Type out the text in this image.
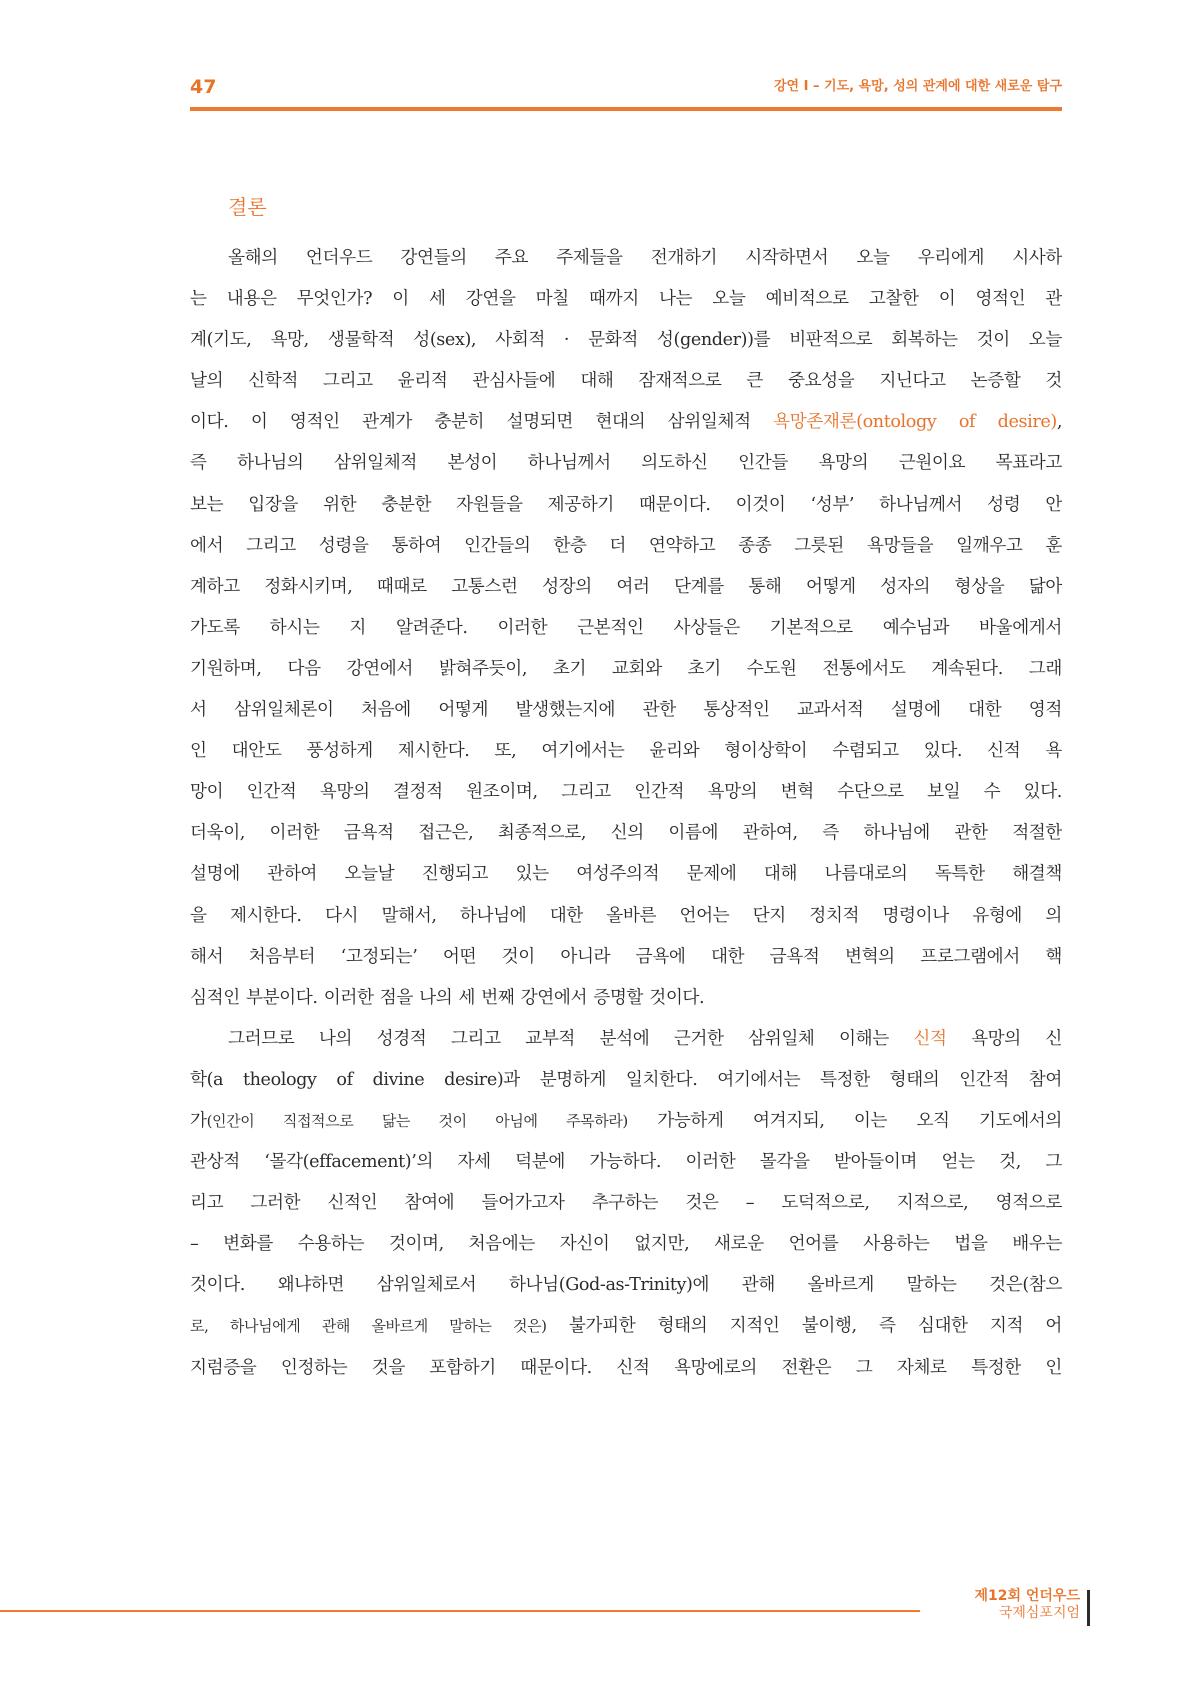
47	강연 I – 기도, 욕망, 성의 관계에 대한 새로운 탐구
결론
올해의 언더우드 강연들의 주요 주제들을 전개하기 시작하면서 오늘 우리에게 시사하
는 내용은 무엇인가? 이 세 강연을 마칠 때까지 나는 오늘 예비적으로 고찰한 이 영적인 관
계(기도, 욕망, 생물학적 성(sex), 사회적 · 문화적 성(gender))를 비판적으로 회복하는 것이 오늘
날의 신학적 그리고 윤리적 관심사들에 대해 잠재적으로 큰 중요성을 지닌다고 논증할 것
이다. 이 영적인 관계가 충분히 설명되면 현대의 삼위일체적 욕망존재론(ontology of desire),
즉 하나님의 삼위일체적 본성이 하나님께서 의도하신 인간들 욕망의 근원이요 목표라고
보는 입장을 위한 충분한 자원들을 제공하기 때문이다. 이것이 ‘성부’ 하나님께서 성령 안
에서 그리고 성령을 통하여 인간들의 한층 더 연약하고 종종 그릇된 욕망들을 일깨우고 훈
계하고 정화시키며, 때때로 고통스런 성장의 여러 단계를 통해 어떻게 성자의 형상을 닮아
가도록 하시는 지 알려준다. 이러한 근본적인 사상들은 기본적으로 예수님과 바울에게서
기원하며, 다음 강연에서 밝혀주듯이, 초기 교회와 초기 수도원 전통에서도 계속된다. 그래
서 삼위일체론이 처음에 어떻게 발생했는지에 관한 통상적인 교과서적 설명에 대한 영적
인 대안도 풍성하게 제시한다. 또, 여기에서는 윤리와 형이상학이 수렴되고 있다. 신적 욕
망이 인간적 욕망의 결정적 원조이며, 그리고 인간적 욕망의 변혁 수단으로 보일 수 있다.
더욱이, 이러한 금욕적 접근은, 최종적으로, 신의 이름에 관하여, 즉 하나님에 관한 적절한
설명에 관하여 오늘날 진행되고 있는 여성주의적 문제에 대해 나름대로의 독특한 해결책
을 제시한다. 다시 말해서, 하나님에 대한 올바른 언어는 단지 정치적 명령이나 유형에 의
해서 처음부터 ‘고정되는’ 어떤 것이 아니라 금욕에 대한 금욕적 변혁의 프로그램에서 핵
심적인 부분이다. 이러한 점을 나의 세 번째 강연에서 증명할 것이다.
그러므로 나의 성경적 그리고 교부적 분석에 근거한 삼위일체 이해는 신적 욕망의 신
학(a theology of divine desire)과 분명하게 일치한다. 여기에서는 특정한 형태의 인간적 참여
가(인간이 직접적으로 닮는 것이 아님에 주목하라) 가능하게 여겨지되, 이는 오직 기도에서의
관상적 ‘몰각(effacement)’의 자세 덕분에 가능하다. 이러한 몰각을 받아들이며 얻는 것, 그
리고 그러한 신적인 참여에 들어가고자 추구하는 것은 – 도덕적으로, 지적으로, 영적으로
– 변화를 수용하는 것이며, 처음에는 자신이 없지만, 새로운 언어를 사용하는 법을 배우는
것이다. 왜냐하면 삼위일체로서 하나님(God-as-Trinity)에 관해 올바르게 말하는 것은(참으
로, 하나님에게 관해 올바르게 말하는 것은) 불가피한 형태의 지적인 불이행, 즉 심대한 지적 어
지럼증을 인정하는 것을 포함하기 때문이다. 신적 욕망에로의 전환은 그 자체로 특정한 인
제12회 언더우드
국제심포지엄
